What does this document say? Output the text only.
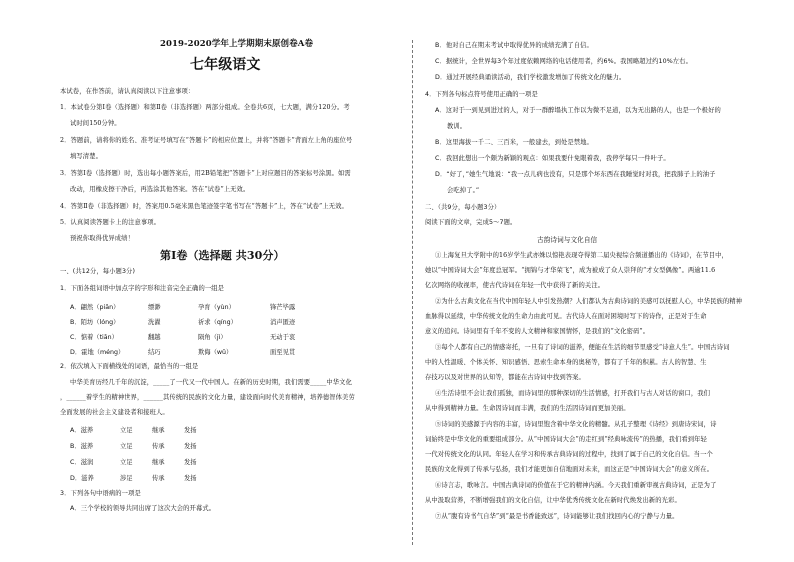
2019-2020学年上学期期末原创卷A卷
七年级语文
本试卷，在作答前，请认真阅读以下注意事项：
1．本试卷分第Ⅰ卷（选择题）和第Ⅱ卷（非选择题）两部分组成。全卷共6页，七大题，满分120分。考
试时间150分钟。
2．答题前，请将你的姓名、准考证号填写在“答题卡”的相应位置上，并将“答题卡”背面左上角的座位号
填写清楚。
3．答第Ⅰ卷（选择题）时，选出每小题答案后，用2B铅笔把“答题卡”上对应题目的答案标号涂黑。如需
改动，用橡皮擦干净后，再选涂其他答案。答在“试卷”上无效。
4．答第Ⅱ卷（非选择题）时，答案用0.5毫米黑色笔迹签字笔书写在“答题卡”上，答在“试卷”上无效。
5．认真阅读答题卡上的注意事项。
预祝你取得优异成绩！
第Ⅰ卷（选择题 共30分）
一、(共12分，每小题3分)
1．下面各组词语中加点字的字形和注音完全正确的一组是
A．翩然（piān）	缥渺	孕育（yùn）	锋芒毕露
B．陌坊（lóng）	洗濯	祈求（qíng）	消声匿迹
C．惦着（tiān）	翻越	陨角（jì）	无动于衷
D．霍地（méng）	结巧	欺侮（wǔ）	面至见贯
2．依次填入下面横线处的词语，最恰当的一组是
中华美育历经几千年的沉淀，_____了一代又一代中国人。在新的历史时期，我们需要_____中华文化
，______着学生的精神世界，______其传统的民族的文化力量，建设面向时代美育精神，培养德智体美劳
全面发展的社会主义建设者和接班人。
A．滋养	立足	继承	发扬
B．滋养	立足	传承	发扬
C．滋润	立足	继承	发扬
D．滋养	涉足	传承	发扬
3．下列各句中语病的一项是
A．三个学校的领导共同出席了这次大会的开幕式。
B．他对自己在期末考试中取得优异的成绩充满了自信。
C．据统计，全世界每3个年过度依赖网络的电话使用者，约6%。我国略超过约10%左右。
D．通过开展经典诵读活动，我们学校激发增加了传统文化的魅力。
4．下列各句标点符号使用正确的一项是
A．这对于一到见到进过的人，对于一群醉塌执工作以为微不足道，以为无出路的人，也是一个极好的
教训。
B．这里海拔一千二、三百米，一般建去，到处是禁地。
C．我回此想出一个颇为新颖的观点：如果我要什免眼着我，我停学每只一件叶子。
D．“好了，”她生气地说：“我一点儿病也没有，只是那个坏东西在我睡觉时对我，把我肺子上的油子
会吃掉了。”
二、（共9分，每小题3分）
阅读下面的文章，完成5～7题。
古韵诗词与文化自信
①上海复旦大学附中的16岁学生武亦姝以惊艳表现夺得第二届央视综合频道播出的《诗词》，在节目中，
她以“中国诗词大会”年度总冠军。“拥锦与才华荣飞”，成为被成了众人崇拜的“才女型偶像”。两逾11.6
亿次网络的收视率，使古代诗词在年轻一代中获得了新的关注。
②为什么古典文化在当代中国年轻人中引发热潮？人们都认为古典诗词的美感可以抚慰人心，中华民族的精神
血脉得以延续，中华传统文化的生命力由此可见。古代诗人在面对困境时写下的诗作，正是对于生命
意义的追问。诗词里有千年不变的人文精神和家国情怀，是我们的“文化密码”。
③每个人都有自己的情感寄托，一旦有了诗词的滋养，便能在生活的细节里感受“诗意人生”。中国古诗词
中的人性温暖、个体关怀、知识感悟、思索生命本身的奥秘等，都有了千年的积累。古人的智慧、生
存技巧以及对世界的认知等，都能在古诗词中找到答案。
④生活诗里不会让我们孤独，而诗词里的那种深切的生活情感，打开我们与古人对话的窗口，我们
从中得到精神力量。生命因诗词而丰满，我们的生活因诗词而更加美丽。
⑤诗词的美感源于内容的丰富，诗词里饱含着中华文化的精髓。从孔子整理《诗经》到唐诗宋词，诗
词始终是中华文化的重要组成部分。从“中国诗词大会”的走红到“经典咏流传”的热播，我们看到年轻
一代对传统文化的认同。年轻人在学习和传承古典诗词的过程中，找到了属于自己的文化自信。当一个
民族的文化得到了传承与弘扬，我们才能更加自信地面对未来，而这正是“中国诗词大会”的意义所在。
⑥诗言志，歌咏言。中国古典诗词的价值在于它的精神内涵。今天我们重新审视古典诗词，正是为了
从中汲取营养，不断增强我们的文化自信，让中华优秀传统文化在新时代焕发出新的光彩。
⑦从“腹有诗书气自华”到“最是书香能致远”，诗词能够让我们找回内心的宁静与力量。
